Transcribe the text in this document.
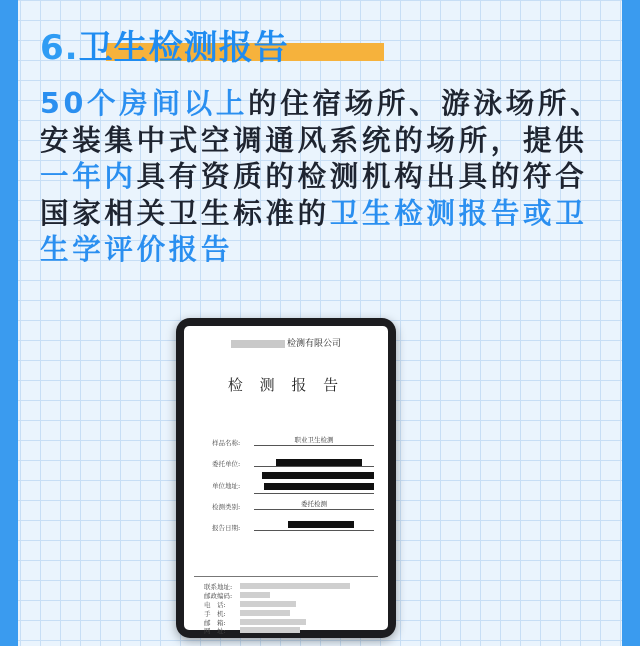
6.卫生检测报告
50个房间以上的住宿场所、游泳场所、安装集中式空调通风系统的场所，提供一年内具有资质的检测机构出具的符合国家相关卫生标准的卫生检测报告或卫生学评价报告
检测有限公司
检 测 报 告
样品名称:	职业卫生检测
委托单位:
单位地址:
检测类别:	委托检测
报告日期:
联系地址:
邮政编码:
电　话:
手　机:
邮　箱:
网　址:
